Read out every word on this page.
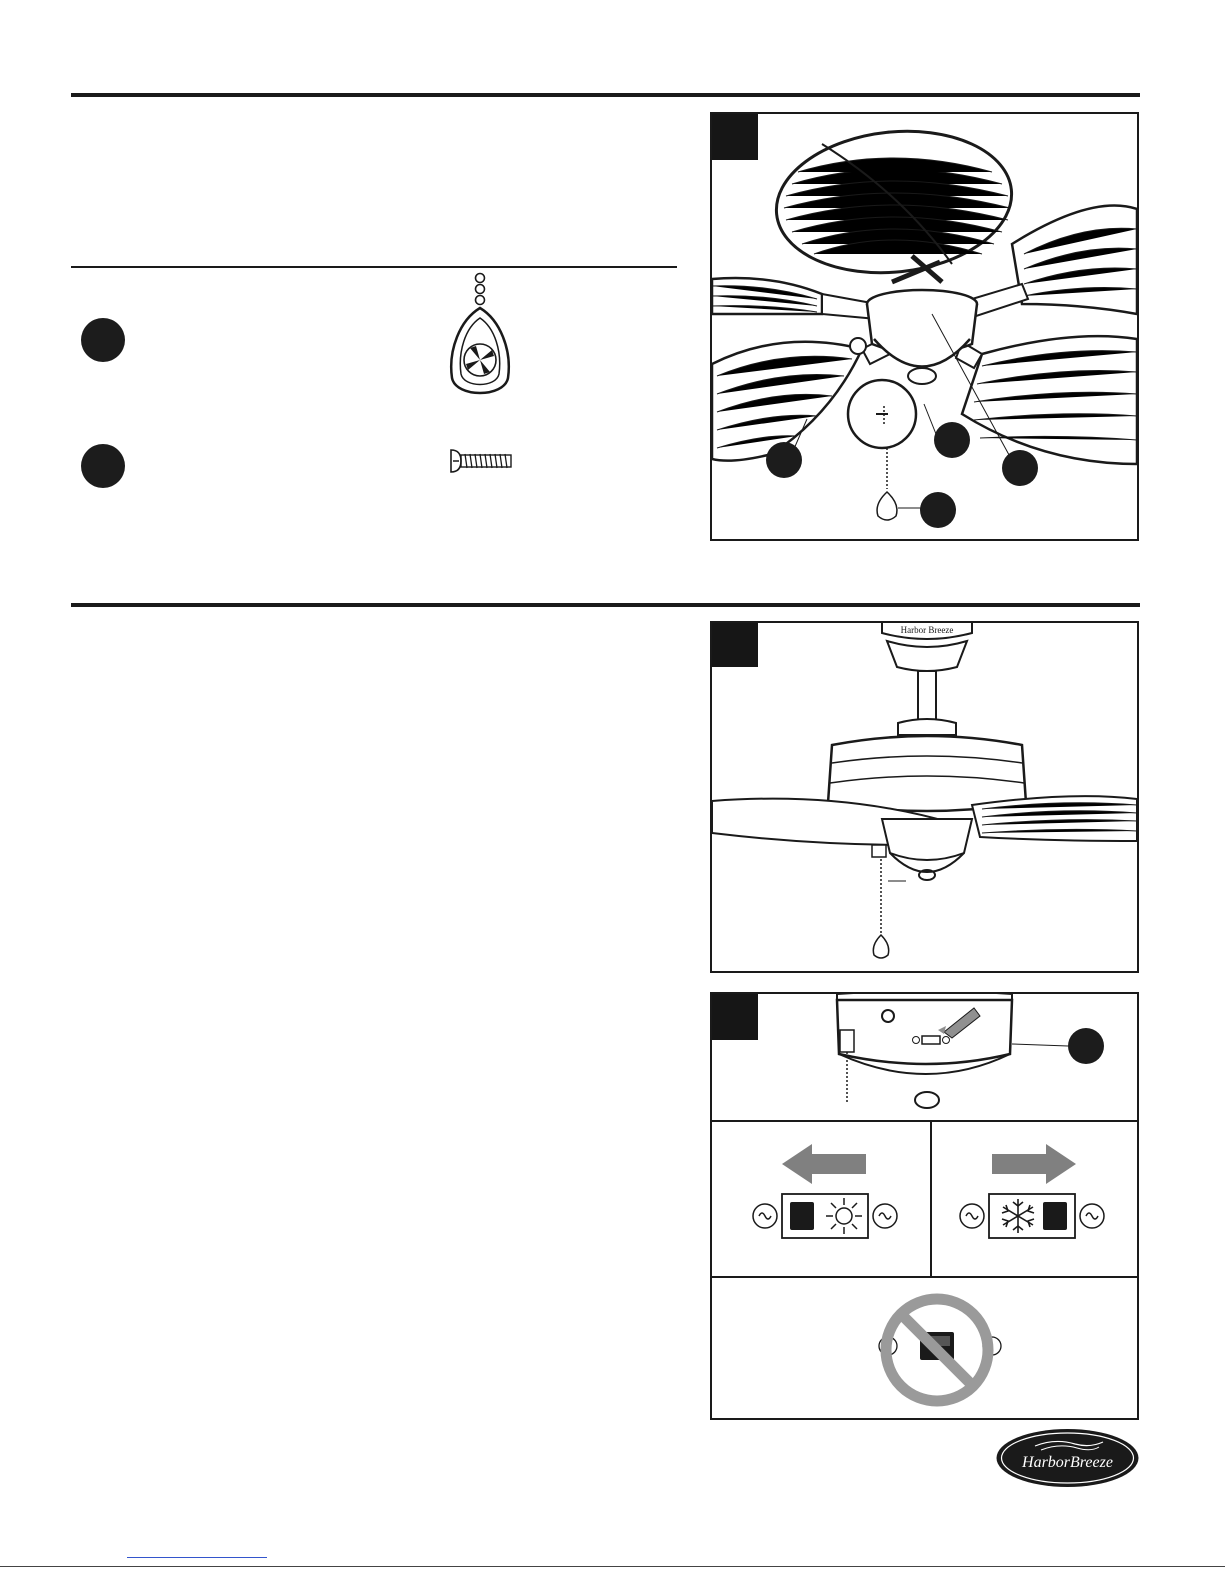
Harbor Breeze
HarborBreeze
